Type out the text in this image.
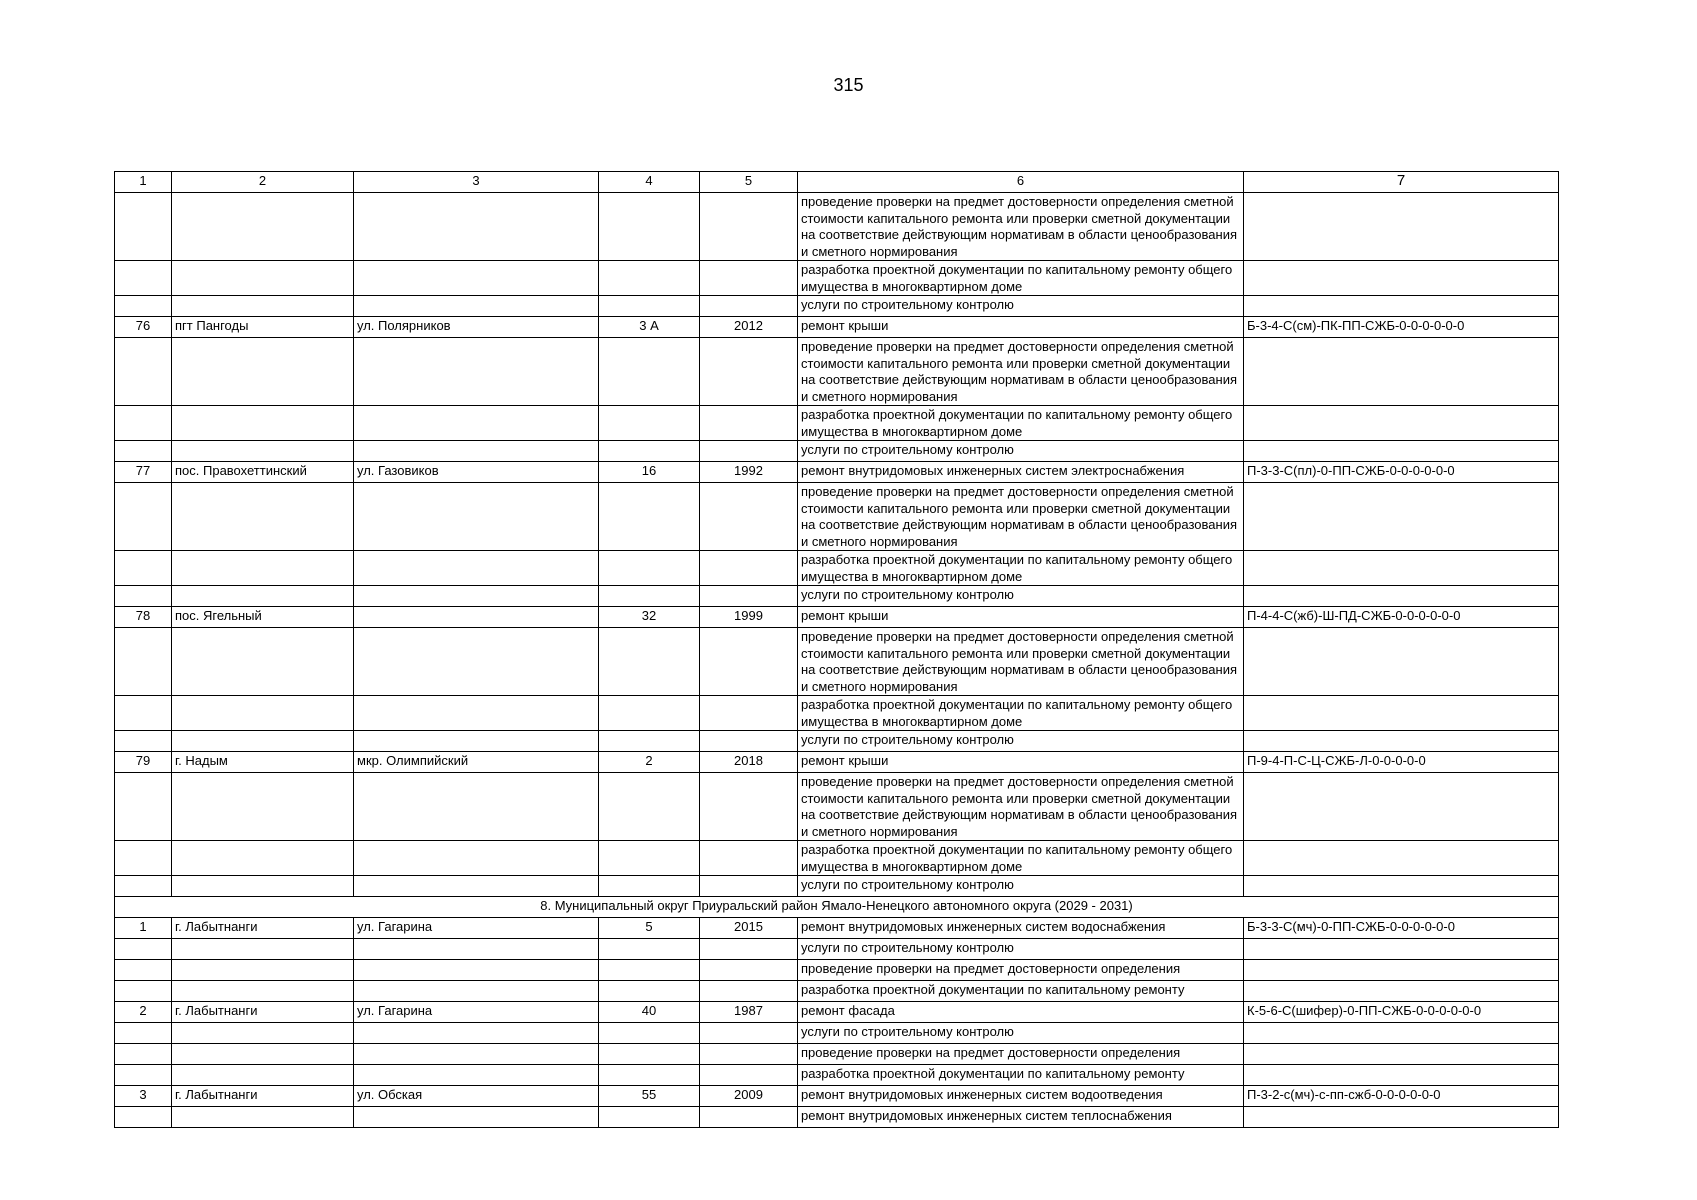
315
1	2	3	4	5	6	7
					проведение проверки на предмет достоверности определения сметной стоимости капитального ремонта или проверки сметной документации на соответствие действующим нормативам в области ценообразования и сметного нормирования	
					разработка проектной документации по капитальному ремонту общего имущества в многоквартирном доме	

					услуги по строительному контролю	

76	пгт Пангоды	ул. Полярников	3 А	2012	ремонт крыши	Б-3-4-С(см)-ПК-ПП-СЖБ-0-0-0-0-0-0
					проведение проверки на предмет достоверности определения сметной стоимости капитального ремонта или проверки сметной документации на соответствие действующим нормативам в области ценообразования и сметного нормирования	
					разработка проектной документации по капитальному ремонту общего имущества в многоквартирном доме	

					услуги по строительному контролю	

77	пос. Правохеттинский	ул. Газовиков	16	1992	ремонт внутридомовых инженерных систем электроснабжения	П-3-3-С(пл)-0-ПП-СЖБ-0-0-0-0-0-0
					проведение проверки на предмет достоверности определения сметной стоимости капитального ремонта или проверки сметной документации на соответствие действующим нормативам в области ценообразования и сметного нормирования	
					разработка проектной документации по капитальному ремонту общего имущества в многоквартирном доме	

					услуги по строительному контролю	

78	пос. Ягельный		32	1999	ремонт крыши	П-4-4-С(жб)-Ш-ПД-СЖБ-0-0-0-0-0-0
					проведение проверки на предмет достоверности определения сметной стоимости капитального ремонта или проверки сметной документации на соответствие действующим нормативам в области ценообразования и сметного нормирования	
					разработка проектной документации по капитальному ремонту общего имущества в многоквартирном доме	

					услуги по строительному контролю	

79	г. Надым	мкр. Олимпийский	2	2018	ремонт крыши	П-9-4-П-С-Ц-СЖБ-Л-0-0-0-0-0
					проведение проверки на предмет достоверности определения сметной стоимости капитального ремонта или проверки сметной документации на соответствие действующим нормативам в области ценообразования и сметного нормирования	
					разработка проектной документации по капитальному ремонту общего имущества в многоквартирном доме	

					услуги по строительному контролю	

8. Муниципальный округ Приуральский район Ямало-Ненецкого автономного округа (2029 - 2031)						
1	г. Лабытнанги	ул. Гагарина	5	2015	ремонт внутридомовых инженерных систем водоснабжения	Б-3-3-С(мч)-0-ПП-СЖБ-0-0-0-0-0-0

					услуги по строительному контролю	

					проведение проверки на предмет достоверности определения	

					разработка проектной документации по капитальному ремонту	

2	г. Лабытнанги	ул. Гагарина	40	1987	ремонт фасада	К-5-6-С(шифер)-0-ПП-СЖБ-0-0-0-0-0-0

					услуги по строительному контролю	

					проведение проверки на предмет достоверности определения	

					разработка проектной документации по капитальному ремонту	

3	г. Лабытнанги	ул. Обская	55	2009	ремонт внутридомовых инженерных систем водоотведения	П-3-2-с(мч)-с-пп-сжб-0-0-0-0-0-0

					ремонт внутридомовых инженерных систем теплоснабжения	
